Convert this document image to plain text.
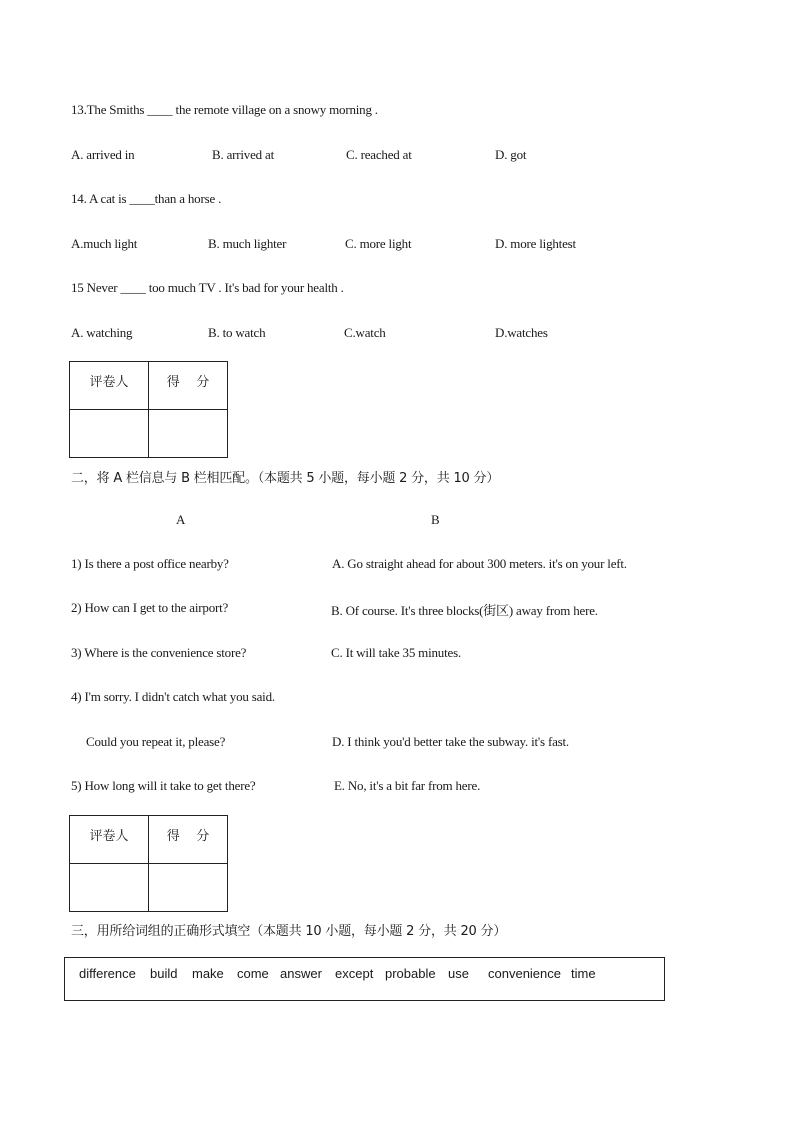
13.The Smiths ____ the remote village on a snowy morning .
A. arrived in	B. arrived at	C. reached at	D. got
14. A cat is ____than a horse .
A.much light	B. much lighter	C. more light	D. more lightest
15 Never ____ too much TV . It's bad for your health .
A. watching	B. to watch	C.watch	D.watches
评卷人	得    分

二，将 A 栏信息与 B 栏相匹配。（本题共 5 小题，每小题 2 分，共 10 分）
A	B
1) Is there a post office nearby?	A. Go straight ahead for about 300 meters. it's on your left.
2) How can I get to the airport?	B. Of course. It's three blocks(街区) away from here.
3) Where is the convenience store?	C. It will take 35 minutes.
4) I'm sorry. I didn't catch what you said.
Could you repeat it, please?	D. I think you'd better take the subway. it's fast.
5) How long will it take to get there?	E. No, it's a bit far from here.
评卷人	得    分

三，用所给词组的正确形式填空（本题共 10 小题，每小题 2 分，共 20 分）
difference build make come answer except probable use convenience time
